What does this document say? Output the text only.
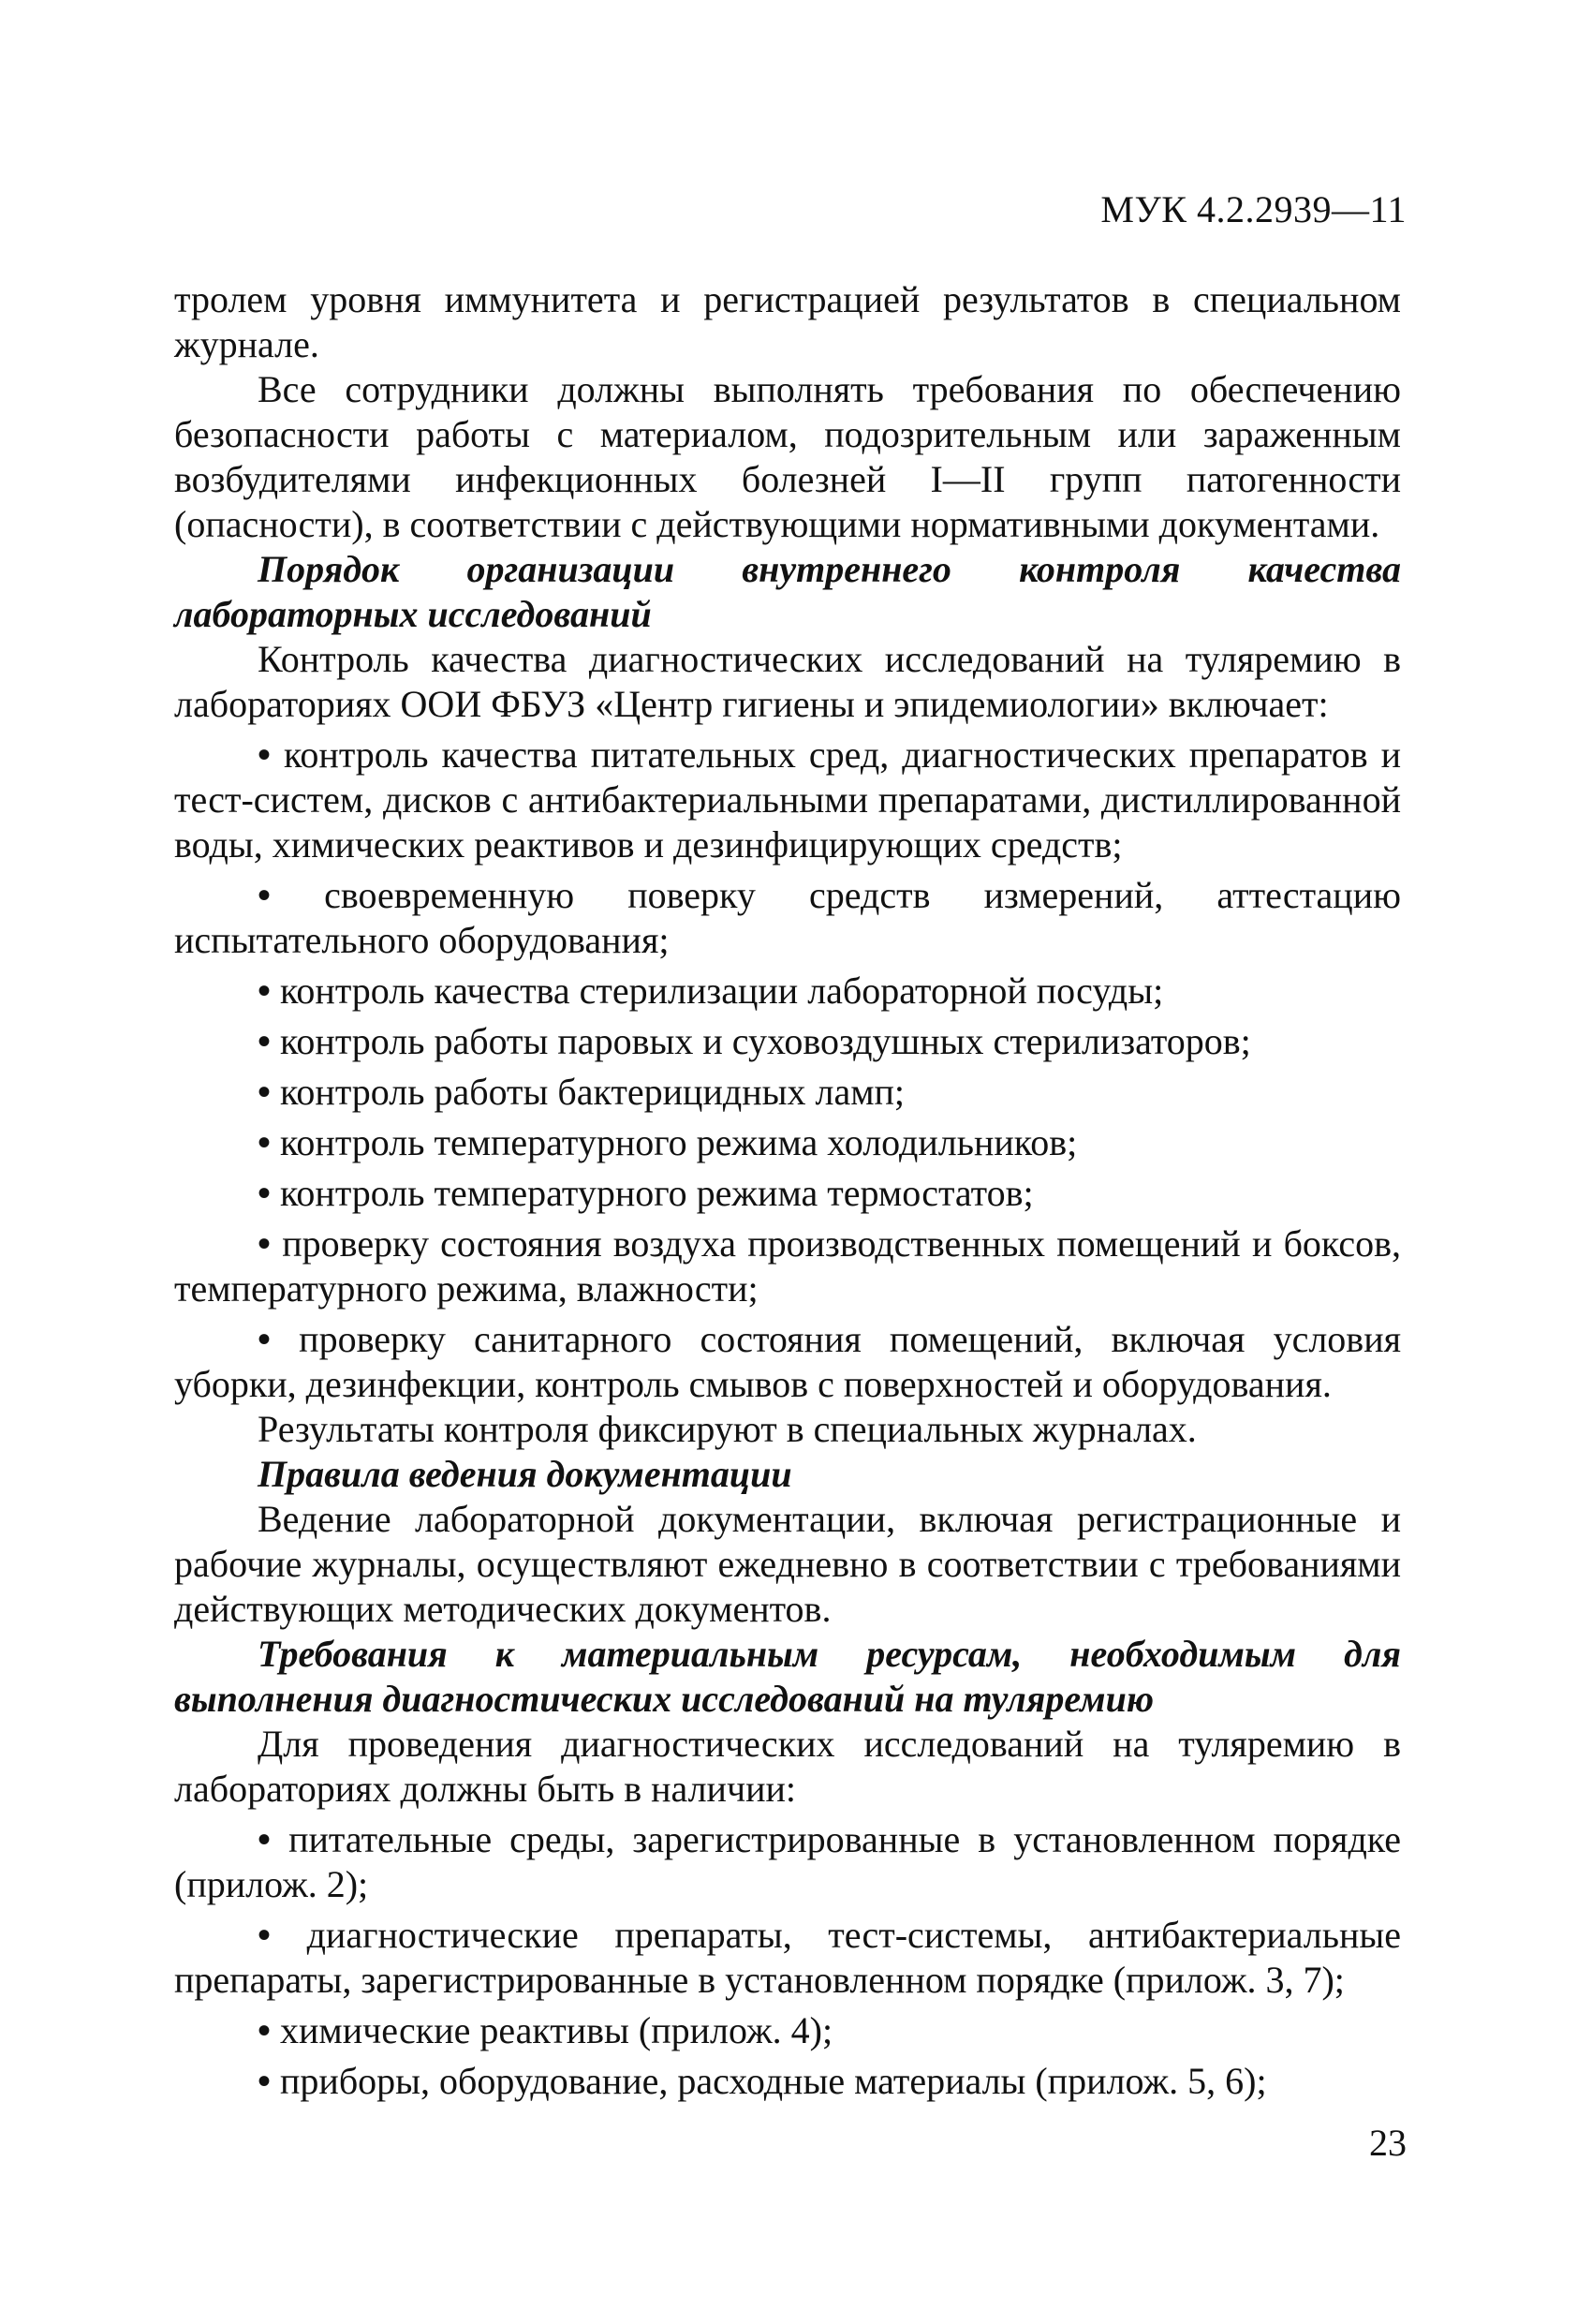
МУК 4.2.2939—11

тролем уровня иммунитета и регистрацией результатов в специальном журнале.

Все сотрудники должны выполнять требования по обеспечению безопасности работы с материалом, подозрительным или зараженным возбудителями инфекционных болезней I—II групп патогенности (опасности), в соответствии с действующими нормативными документами.

Порядок организации внутреннего контроля качества лабораторных исследований

Контроль качества диагностических исследований на туляремию в лабораториях ООИ ФБУЗ «Центр гигиены и эпидемиологии» включает:

• контроль качества питательных сред, диагностических препаратов и тест-систем, дисков с антибактериальными препаратами, дистиллированной воды, химических реактивов и дезинфицирующих средств;

• своевременную поверку средств измерений, аттестацию испытательного оборудования;

• контроль качества стерилизации лабораторной посуды;

• контроль работы паровых и суховоздушных стерилизаторов;

• контроль работы бактерицидных ламп;

• контроль температурного режима холодильников;

• контроль температурного режима термостатов;

• проверку состояния воздуха производственных помещений и боксов, температурного режима, влажности;

• проверку санитарного состояния помещений, включая условия уборки, дезинфекции, контроль смывов с поверхностей и оборудования.

Результаты контроля фиксируют в специальных журналах.

Правила ведения документации

Ведение лабораторной документации, включая регистрационные и рабочие журналы, осуществляют ежедневно в соответствии с требованиями действующих методических документов.

Требования к материальным ресурсам, необходимым для выполнения диагностических исследований на туляремию

Для проведения диагностических исследований на туляремию в лабораториях должны быть в наличии:

• питательные среды, зарегистрированные в установленном порядке (прилож. 2);

• диагностические препараты, тест-системы, антибактериальные препараты, зарегистрированные в установленном порядке (прилож. 3, 7);

• химические реактивы (прилож. 4);

• приборы, оборудование, расходные материалы (прилож. 5, 6);

23
